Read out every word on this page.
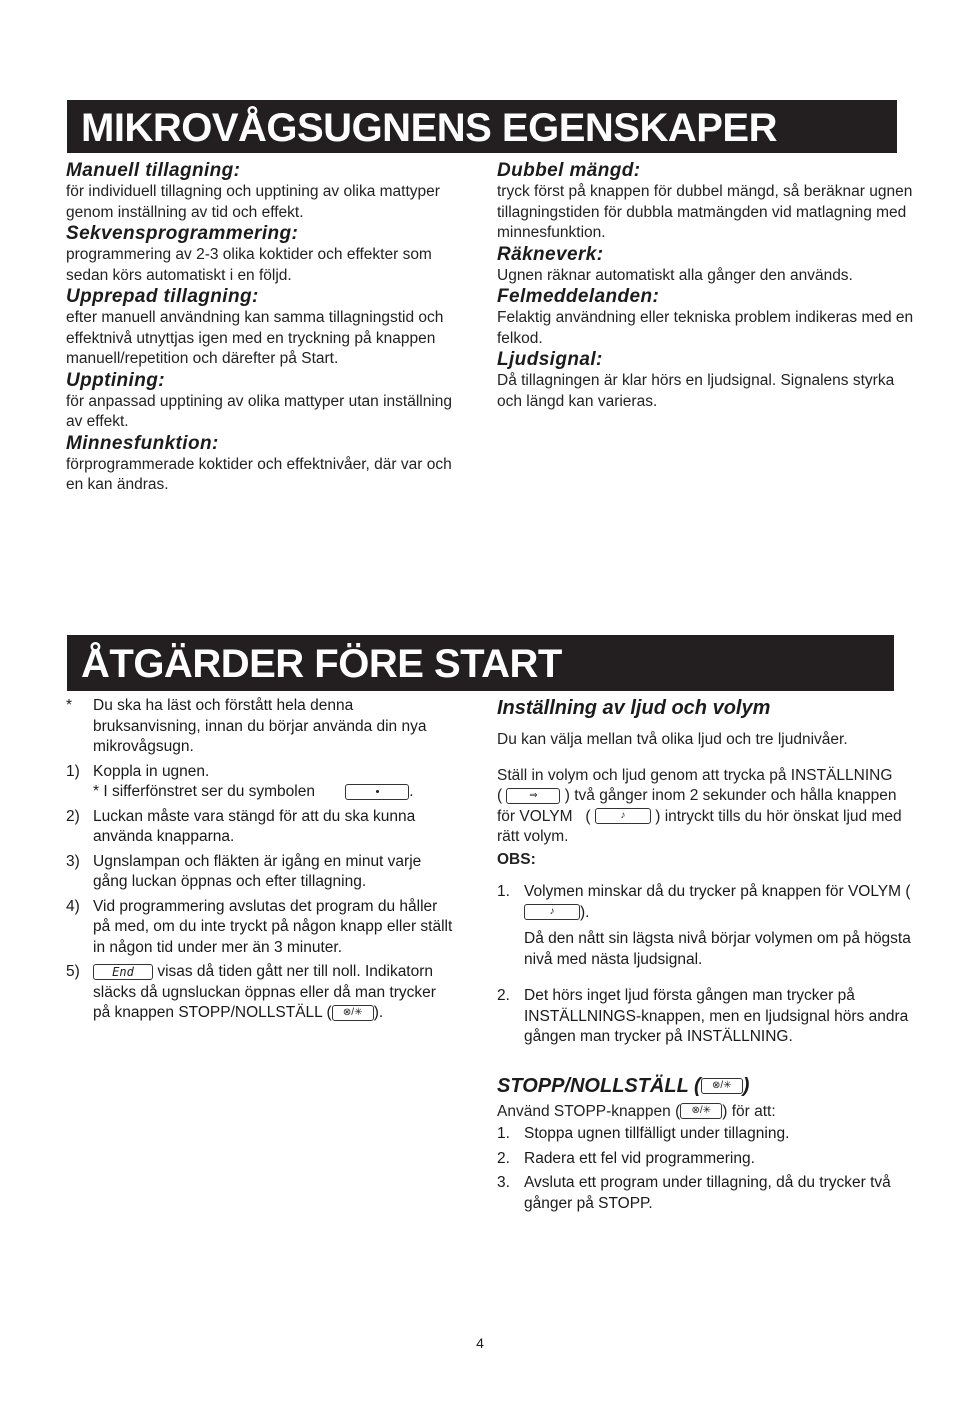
MIKROVÅGSUGNENS EGENSKAPER
Manuell tillagning:

för individuell tillagning och upptining av olika mattyper genom inställning av tid och effekt.

Sekvensprogrammering:

programmering av 2-3 olika koktider och effekter som sedan körs automatiskt i en följd.

Upprepad tillagning:

efter manuell användning kan samma tillagningstid och effektnivå utnyttjas igen med en tryckning på knappen manuell/repetition och därefter på Start.

Upptining:

för anpassad upptining av olika mattyper utan inställning av effekt.

Minnesfunktion:

förprogrammerade koktider och effektnivåer, där var och en kan ändras.

Dubbel mängd:

tryck först på knappen för dubbel mängd, så beräknar ugnen tillagningstiden för dubbla matmängden vid matlagning med minnesfunktion.

Räkneverk:

Ugnen räknar automatiskt alla gånger den används.

Felmeddelanden:

Felaktig användning eller tekniska problem indikeras med en felkod.

Ljudsignal:

Då tillagningen är klar hörs en ljudsignal. Signalens styrka och längd kan varieras.

ÅTGÄRDER FÖRE START
*	Du ska ha läst och förstått hela denna bruksanvisning, innan du börjar använda din nya mikrovågsugn.
1) Koppla in ugnen.
* I sifferfönstret ser du symbolen	.
2) Luckan måste vara stängd för att du ska kunna använda knapparna.
3) Ugnslampan och fläkten är igång en minut varje gång luckan öppnas och efter tillagning.
4) Vid programmering avslutas det program du håller på med, om du inte tryckt på någon knapp eller ställt in någon tid under mer än 3 minuter.
5)	End visas då tiden gått ner till noll. Indikatorn släcks då ugnsluckan öppnas eller då man trycker på knappen STOPP/NOLLSTÄLL ( ⊗/✳ ).
Inställning av ljud och volym

Du kan välja mellan två olika ljud och tre ljudnivåer.

Ställ in volym och ljud genom att trycka på INSTÄLLNING
( ⇒ ) två gånger inom 2 sekunder och hålla knappen
för VOLYM   (	♪ ) intryckt tills du hör önskat ljud med rätt volym.

OBS:

1. Volymen minskar då du trycker på knappen för VOLYM ( ♪ ).

Då den nått sin lägsta nivå börjar volymen om på högsta nivå med nästa ljudsignal.
2. Det hörs inget ljud första gången man trycker på INSTÄLLNINGS-knappen, men en ljudsignal hörs andra gången man trycker på INSTÄLLNING.
STOPP/NOLLSTÄLL ( ⊗/✳ )

Använd STOPP-knappen ( ⊗/✳ ) för att:

1. Stoppa ugnen tillfälligt under tillagning.
2. Radera ett fel vid programmering.
3. Avsluta ett program under tillagning, då du trycker två gånger på STOPP.
4
